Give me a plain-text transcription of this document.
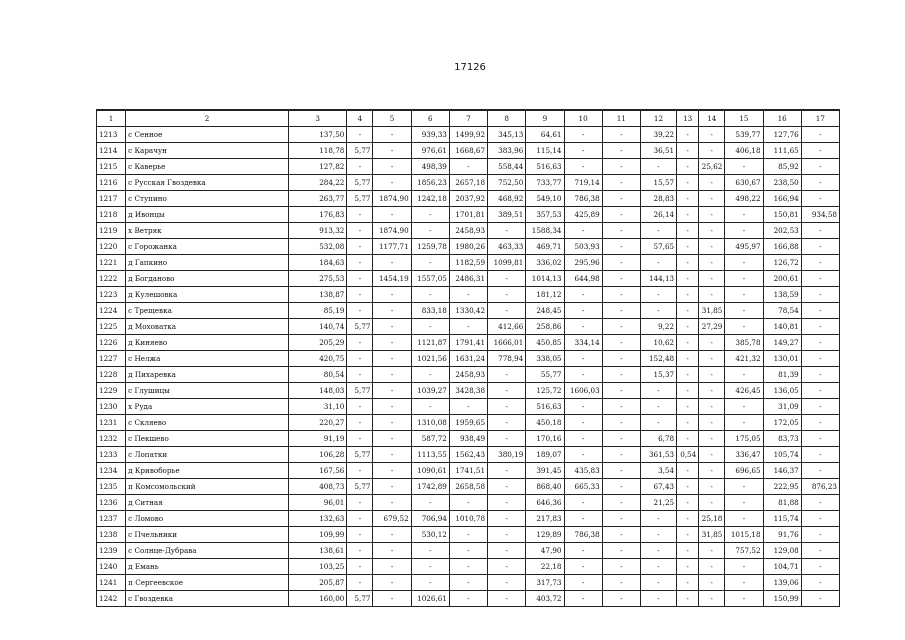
17126
1	2	3	4	5	6	7	8	9	10	11	12	13	14	15	16	17
1213	с Сенное	137,50	-	-	939,33	1499,92	345,13	64,61	-	-	39,22	-	-	539,77	127,76	-
1214	с Карачун	118,78	5,77	-	976,61	1668,67	383,96	115,14	-	-	36,51	-	-	406,18	111,65	-
1215	с Каверье	127,82	-	-	498,39	-	558,44	516,63	-	-	-	-	25,62	-	85,92	-
1216	с Русская Гвоздевка	284,22	5,77	-	1856,23	2657,18	752,50	733,77	719,14	-	15,57	-	-	630,67	238,50	-
1217	с Ступино	263,77	5,77	1874,90	1242,18	2037,92	468,92	549,10	786,38	-	28,83	-	-	498,22	166,94	-
1218	д Ивонцы	176,83	-	-	-	1701,81	389,51	357,53	425,89	-	26,14	-	-	-	150,81	934,58
1219	х Ветряк	913,32	-	1874,90	-	2458,93	-	1588,34	-	-	-	-	-	-	202,53	-
1220	с Горожанка	532,08	-	1177,71	1259,78	1980,26	463,33	469,71	503,93	-	57,65	-	-	495,97	166,88	-
1221	д Гапкино	184,63	-	-	-	1182,59	1099,81	336,02	295,96	-	-	-	-	-	126,72	-
1222	д Богданово	275,53	-	1454,19	1557,05	2486,31	-	1014,13	644,98	-	144,13	-	-	-	200,61	-
1223	д Кулешовка	138,87	-	-	-	-	-	181,12	-	-	-	-	-	-	138,59	-
1224	с Трещевка	85,19	-	-	833,18	1330,42	-	248,45	-	-	-	-	31,85	-	78,54	-
1225	д Моховатка	140,74	5,77	-	-	-	412,66	258,86	-	-	9,22	-	27,29	-	140,81	-
1226	д Киняево	205,29	-	-	1121,87	1791,41	1666,01	450,85	334,14	-	10,62	-	-	385,78	149,27	-
1227	с Нелжа	420,75	-	-	1021,56	1631,24	778,94	338,05	-	-	152,48	-	-	421,32	130,01	-
1228	д Пихаревка	80,54	-	-	-	2458,93	-	55,77	-	-	15,37	-	-	-	81,39	-
1229	с Глушицы	148,03	5,77	-	1039,27	3428,38	-	125,72	1606,03	-	-	-	-	426,45	136,05	-
1230	х Руда	31,10	-	-	-	-	-	516,63	-	-	-	-	-	-	31,09	-
1231	с Скляево	220,27	-	-	1310,08	1959,65	-	450,18	-	-	-	-	-	-	172,05	-
1232	с Пекшево	91,19	-	-	587,72	938,49	-	170,16	-	-	6,78	-	-	175,05	83,73	-
1233	с Лопатки	106,28	5,77	-	1113,55	1562,43	380,19	189,07	-	-	361,53	0,54	-	336,47	105,74	-
1234	д Кривоборье	167,56	-	-	1090,61	1741,51	-	391,45	435,83	-	3,54	-	-	696,65	146,37	-
1235	п Комсомольский	408,73	5,77	-	1742,89	2658,58	-	868,40	665,33	-	67,43	-	-	-	222,95	876,23
1236	д Ситная	96,01	-	-	-	-	-	646,36	-	-	21,25	-	-	-	81,88	-
1237	с Ломово	132,63	-	679,52	706,94	1010,78	-	217,83	-	-	-	-	25,18	-	115,74	-
1238	с Пчельники	109,99	-	-	530,12	-	-	129,89	786,38	-	-	-	31,85	1015,18	91,76	-
1239	с Солнце-Дубрава	138,61	-	-	-	-	-	47,90	-	-	-	-	-	757,52	129,08	-
1240	д Емань	103,25	-	-	-	-	-	22,18	-	-	-	-	-	-	104,71	-
1241	п Сергеевское	205,87	-	-	-	-	-	317,73	-	-	-	-	-	-	139,06	-
1242	с Гвоздевка	160,00	5,77	-	1026,61	-	-	403,72	-	-	-	-	-	-	150,99	-
